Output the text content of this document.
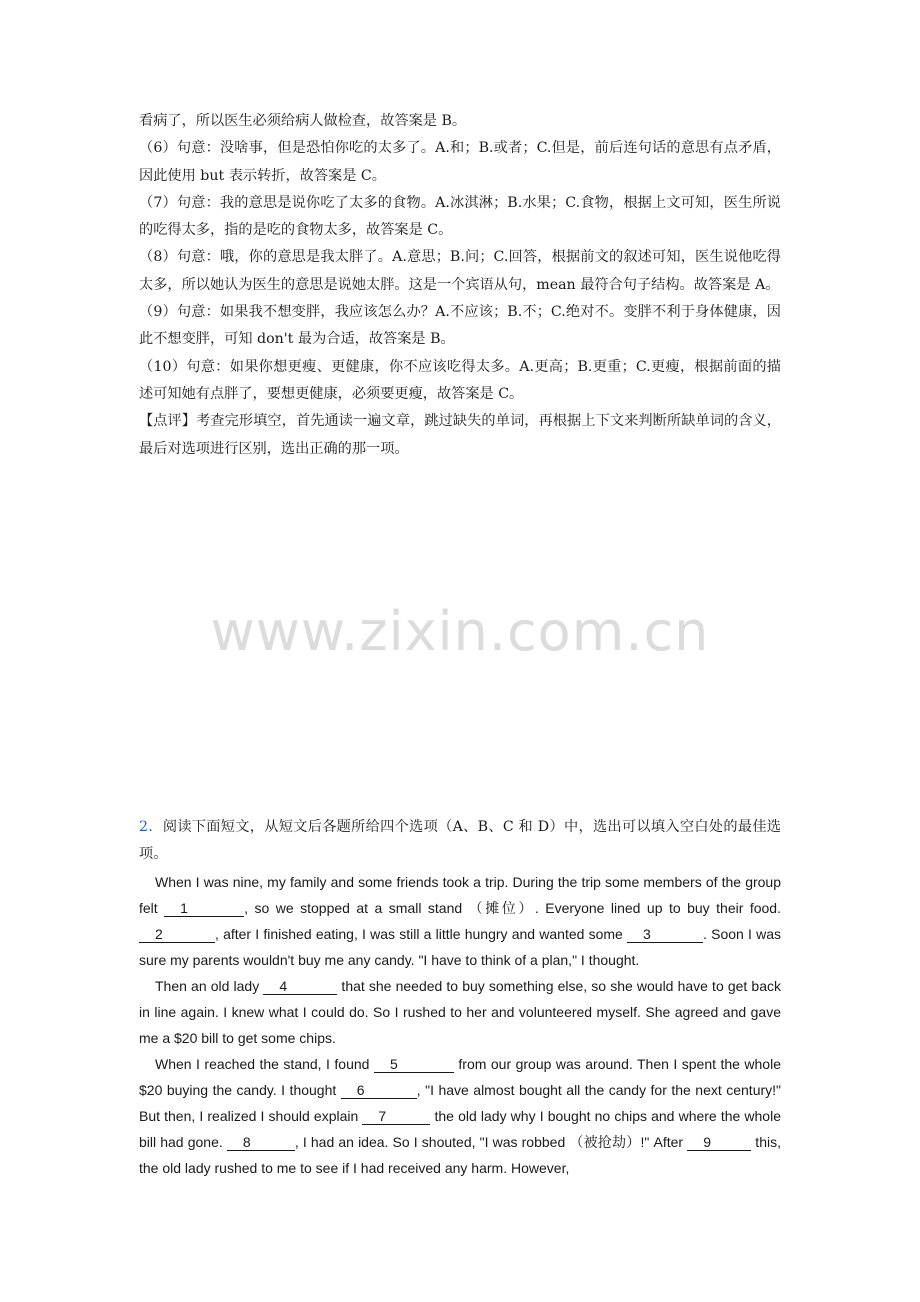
看病了，所以医生必须给病人做检查，故答案是 B。

（6）句意：没啥事，但是恐怕你吃的太多了。A.和；B.或者；C.但是，前后连句话的意思有点矛盾，因此使用 but 表示转折，故答案是 C。

（7）句意：我的意思是说你吃了太多的食物。A.冰淇淋；B.水果；C.食物，根据上文可知，医生所说的吃得太多，指的是吃的食物太多，故答案是 C。

（8）句意：哦，你的意思是我太胖了。A.意思；B.问；C.回答，根据前文的叙述可知，医生说他吃得太多，所以她认为医生的意思是说她太胖。这是一个宾语从句，mean 最符合句子结构。故答案是 A。

（9）句意：如果我不想变胖，我应该怎么办？A.不应该；B.不；C.绝对不。变胖不利于身体健康，因此不想变胖，可知 don't 最为合适，故答案是 B。

（10）句意：如果你想更瘦、更健康，你不应该吃得太多。A.更高；B.更重；C.更瘦，根据前面的描述可知她有点胖了，要想更健康，必须要更瘦，故答案是 C。

【点评】考查完形填空，首先通读一遍文章，跳过缺失的单词，再根据上下文来判断所缺单词的含义，最后对选项进行区别，选出正确的那一项。

www.zixin.com.cn

2．阅读下面短文，从短文后各题所给四个选项（A、B、C 和 D）中，选出可以填入空白处的最佳选项。

When I was nine, my family and some friends took a trip. During the trip some members of the group felt 1	, so we stopped at a small stand （摊位）. Everyone lined up to buy their food. 2	, after I finished eating, I was still a little hungry and wanted some 3	. Soon I was sure my parents wouldn't buy me any candy. "I have to think of a plan," I thought.

Then an old lady 4	that she needed to buy something else, so she would have to get back in line again. I knew what I could do. So I rushed to her and volunteered myself. She agreed and gave me a $20 bill to get some chips.

When I reached the stand, I found 5	from our group was around. Then I spent the whole $20 buying the candy. I thought 6	, "I have almost bought all the candy for the next century!" But then, I realized I should explain 7	the old lady why I bought no chips and where the whole bill had gone. 8	, I had an idea. So I shouted, "I was robbed （被抢劫）!" After 9	this, the old lady rushed to me to see if I had received any harm. However,
